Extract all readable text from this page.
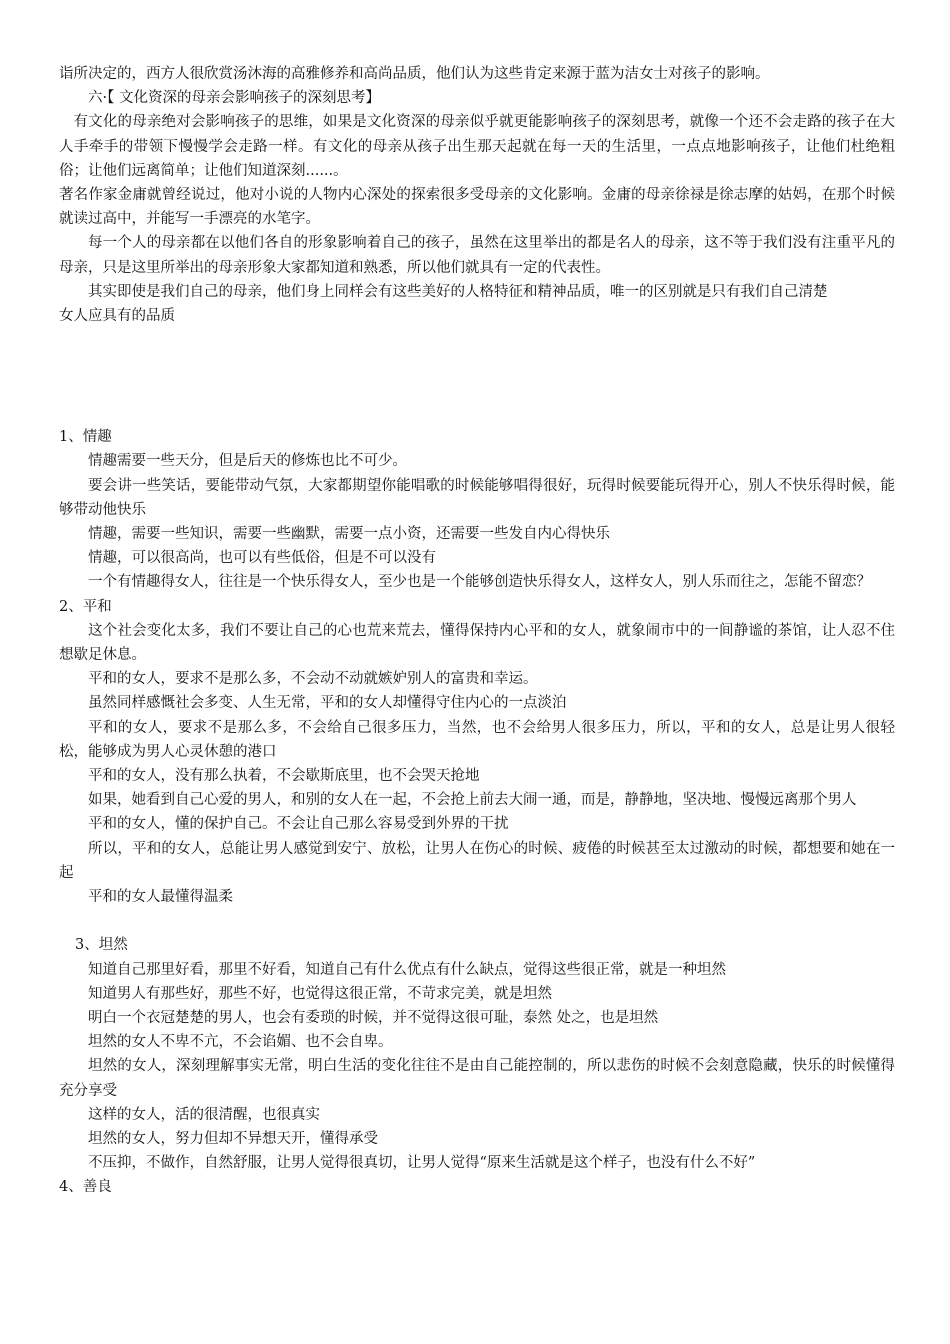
诣所决定的，西方人很欣赏汤沐海的高雅修养和高尚品质，他们认为这些肯定来源于蓝为洁女士对孩子的影响。

六·【 文化资深的母亲会影响孩子的深刻思考】

有文化的母亲绝对会影响孩子的思维，如果是文化资深的母亲似乎就更能影响孩子的深刻思考，就像一个还不会走路的孩子在大人手牵手的带领下慢慢学会走路一样。有文化的母亲从孩子出生那天起就在每一天的生活里，一点点地影响孩子，让他们杜绝粗俗；让他们远离简单；让他们知道深刻......。

著名作家金庸就曾经说过，他对小说的人物内心深处的探索很多受母亲的文化影响。金庸的母亲徐禄是徐志摩的姑妈，在那个时候就读过高中，并能写一手漂亮的水笔字。

每一个人的母亲都在以他们各自的形象影响着自己的孩子，虽然在这里举出的都是名人的母亲，这不等于我们没有注重平凡的母亲，只是这里所举出的母亲形象大家都知道和熟悉，所以他们就具有一定的代表性。

其实即使是我们自己的母亲，他们身上同样会有这些美好的人格特征和精神品质，唯一的区别就是只有我们自己清楚

女人应具有的品质

1、情趣

情趣需要一些天分，但是后天的修炼也比不可少。

要会讲一些笑话，要能带动气氛，大家都期望你能唱歌的时候能够唱得很好，玩得时候要能玩得开心，别人不快乐得时候，能够带动他快乐

情趣，需要一些知识，需要一些幽默，需要一点小资，还需要一些发自内心得快乐

情趣，可以很高尚，也可以有些低俗，但是不可以没有

一个有情趣得女人，往往是一个快乐得女人，至少也是一个能够创造快乐得女人，这样女人，别人乐而往之，怎能不留恋？

2、平和

这个社会变化太多，我们不要让自己的心也荒来荒去，懂得保持内心平和的女人，就象闹市中的一间静谧的茶馆，让人忍不住想歇足休息。

平和的女人，要求不是那么多，不会动不动就嫉妒别人的富贵和幸运。

虽然同样感慨社会多变、人生无常，平和的女人却懂得守住内心的一点淡泊

平和的女人，要求不是那么多，不会给自己很多压力，当然，也不会给男人很多压力，所以，平和的女人，总是让男人很轻松，能够成为男人心灵休憩的港口

平和的女人，没有那么执着，不会歇斯底里，也不会哭天抢地

如果，她看到自己心爱的男人，和别的女人在一起，不会抢上前去大闹一通，而是，静静地，坚决地、慢慢远离那个男人

平和的女人，懂的保护自己。不会让自己那么容易受到外界的干扰

所以，平和的女人，总能让男人感觉到安宁、放松，让男人在伤心的时候、疲倦的时候甚至太过激动的时候，都想要和她在一起

平和的女人最懂得温柔

3、坦然

知道自己那里好看，那里不好看，知道自己有什么优点有什么缺点，觉得这些很正常，就是一种坦然

知道男人有那些好，那些不好，也觉得这很正常，不苛求完美，就是坦然

明白一个衣冠楚楚的男人，也会有委琐的时候，并不觉得这很可耻，泰然 处之，也是坦然

坦然的女人不卑不亢，不会谄媚、也不会自卑。

坦然的女人，深刻理解事实无常，明白生活的变化往往不是由自己能控制的，所以悲伤的时候不会刻意隐藏，快乐的时候懂得充分享受

这样的女人，活的很清醒，也很真实

坦然的女人，努力但却不异想天开，懂得承受

不压抑，不做作，自然舒服，让男人觉得很真切，让男人觉得“原来生活就是这个样子，也没有什么不好”

4、善良
